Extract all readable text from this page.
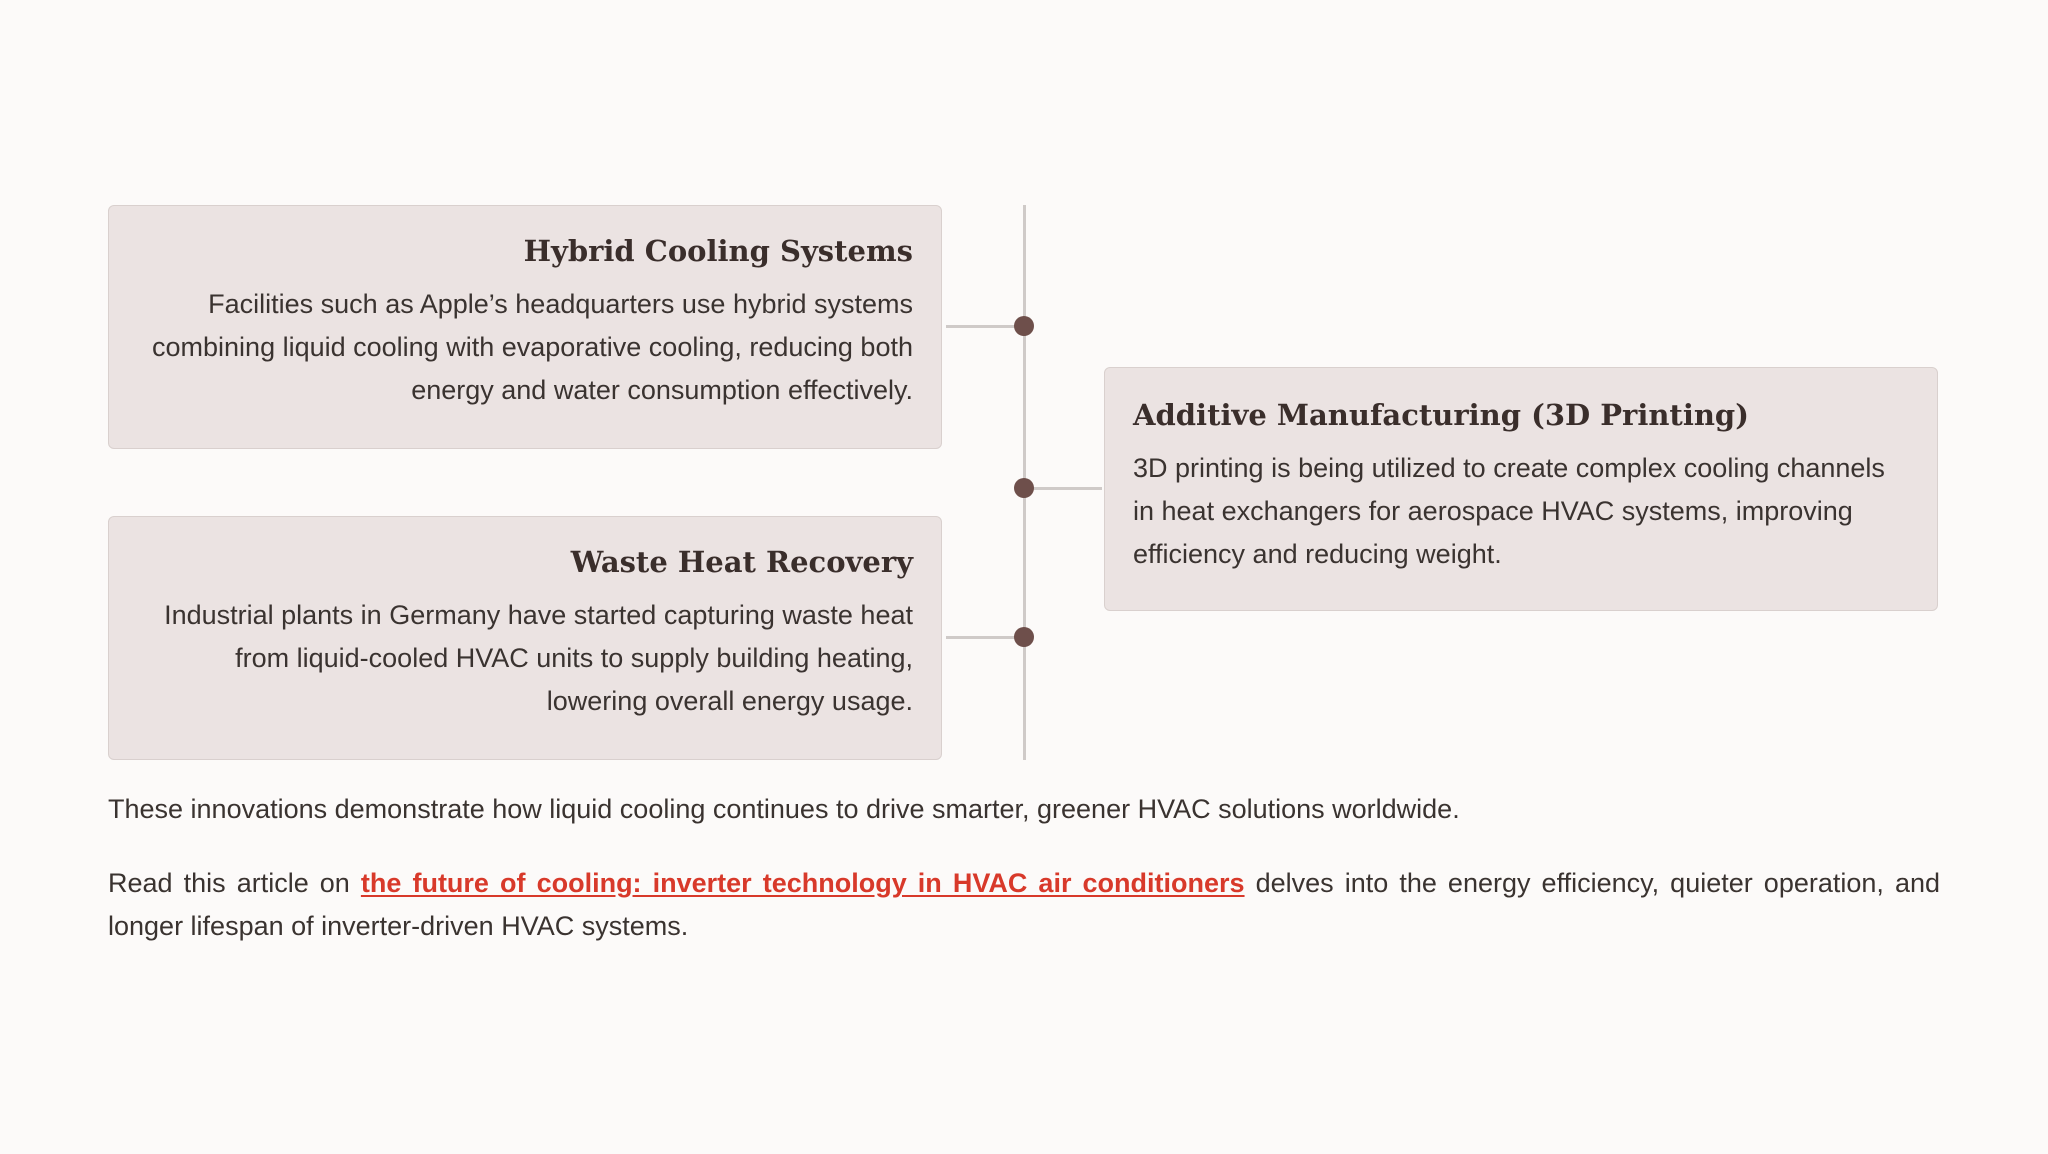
Hybrid Cooling Systems

Facilities such as Apple’s headquarters use hybrid systems combining liquid cooling with evaporative cooling, reducing both energy and water consumption effectively.

Additive Manufacturing (3D Printing)

3D printing is being utilized to create complex cooling channels in heat exchangers for aerospace HVAC systems, improving efficiency and reducing weight.

Waste Heat Recovery

Industrial plants in Germany have started capturing waste heat from liquid-cooled HVAC units to supply building heating, lowering overall energy usage.

These innovations demonstrate how liquid cooling continues to drive smarter, greener HVAC solutions worldwide.

Read this article on the future of cooling: inverter technology in HVAC air conditioners delves into the energy efficiency, quieter operation, and longer lifespan of inverter-driven HVAC systems.
